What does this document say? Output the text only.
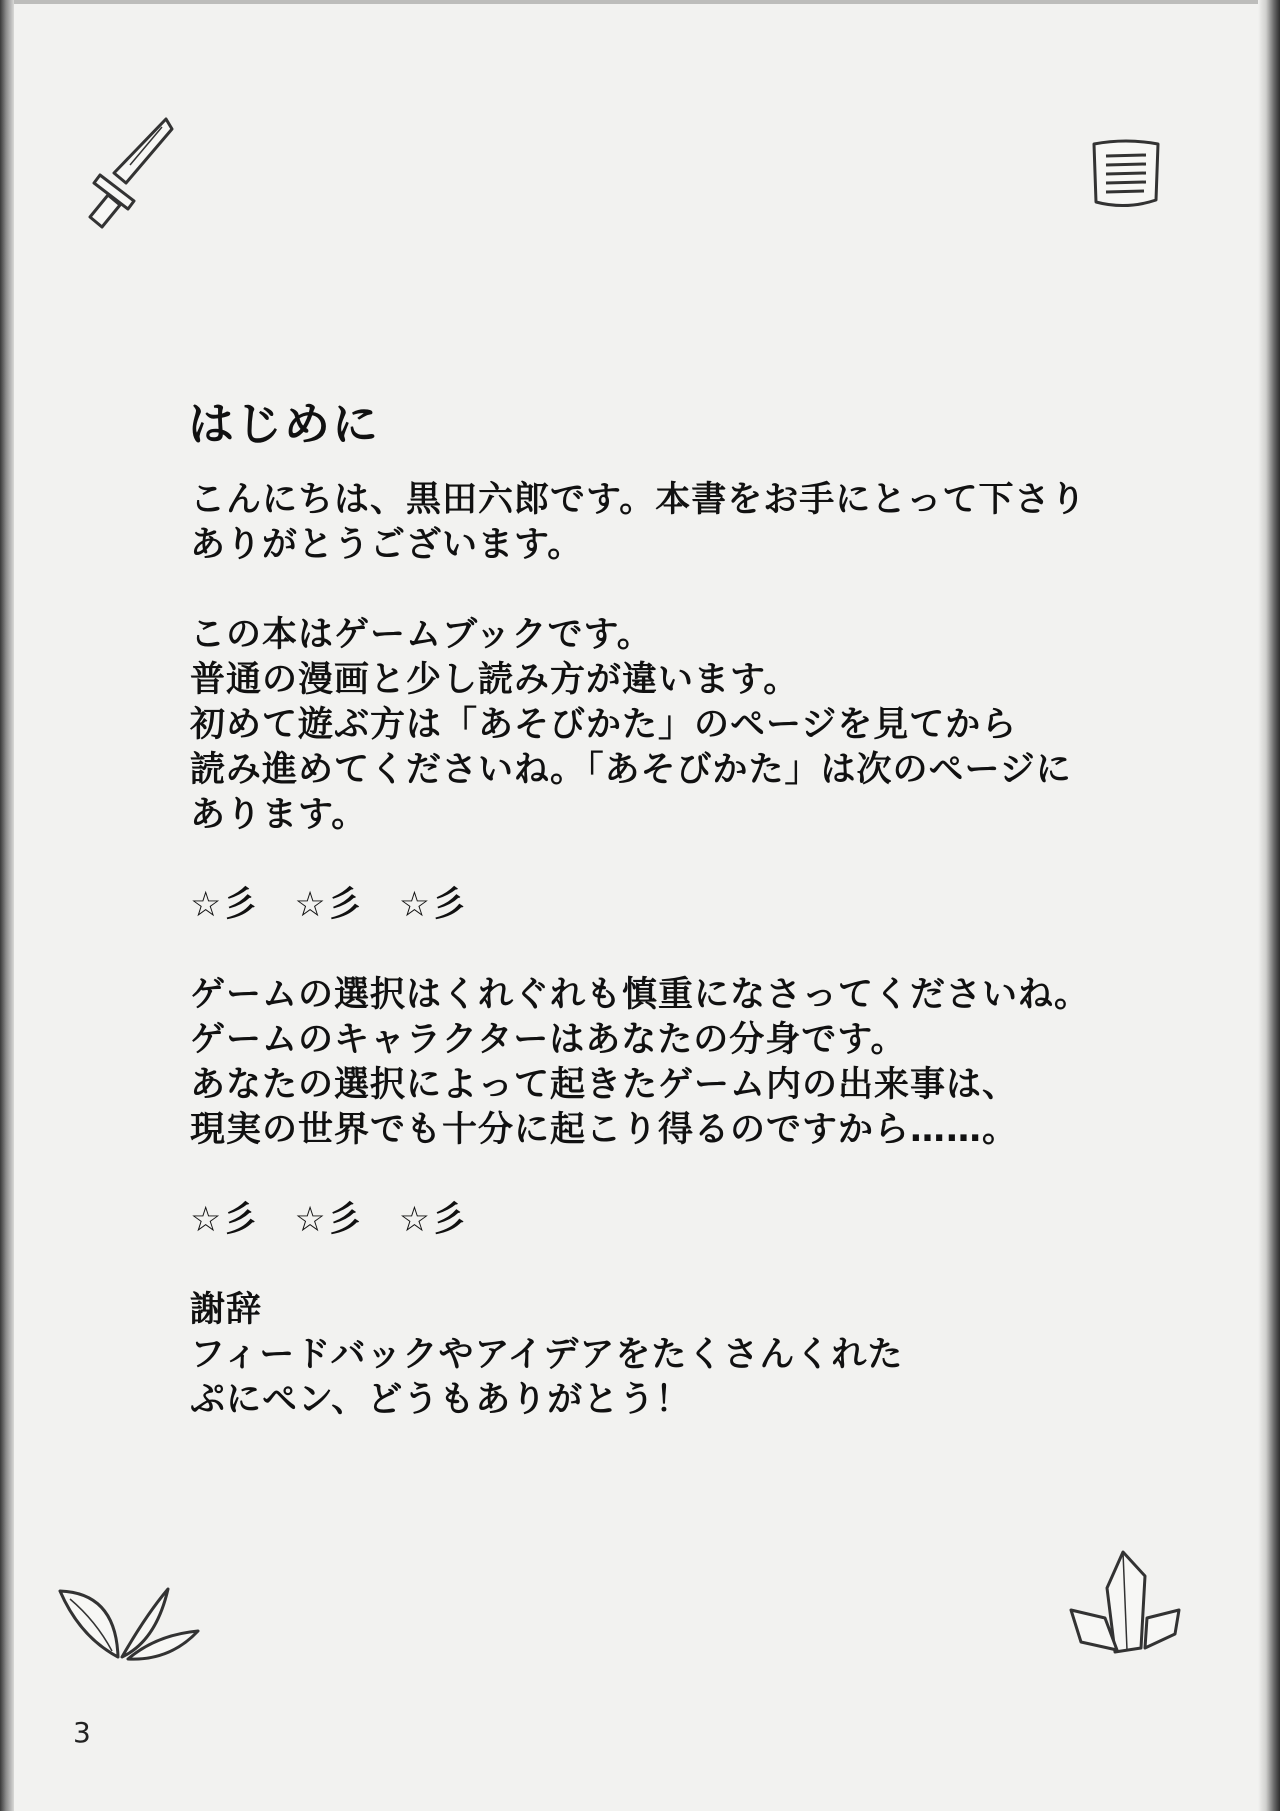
はじめに
こんにちは、黒田六郎です。本書をお手にとって下さり
ありがとうございます。
この本はゲームブックです。
普通の漫画と少し読み方が違います。
初めて遊ぶ方は「あそびかた」のページを見てから
読み進めてくださいね。「あそびかた」は次のページに
あります。
☆彡　☆彡　☆彡
ゲームの選択はくれぐれも慎重になさってくださいね。
ゲームのキャラクターはあなたの分身です。
あなたの選択によって起きたゲーム内の出来事は、
現実の世界でも十分に起こり得るのですから……。
☆彡　☆彡　☆彡
謝辞
フィードバックやアイデアをたくさんくれた
ぷにペン、どうもありがとう！
3
